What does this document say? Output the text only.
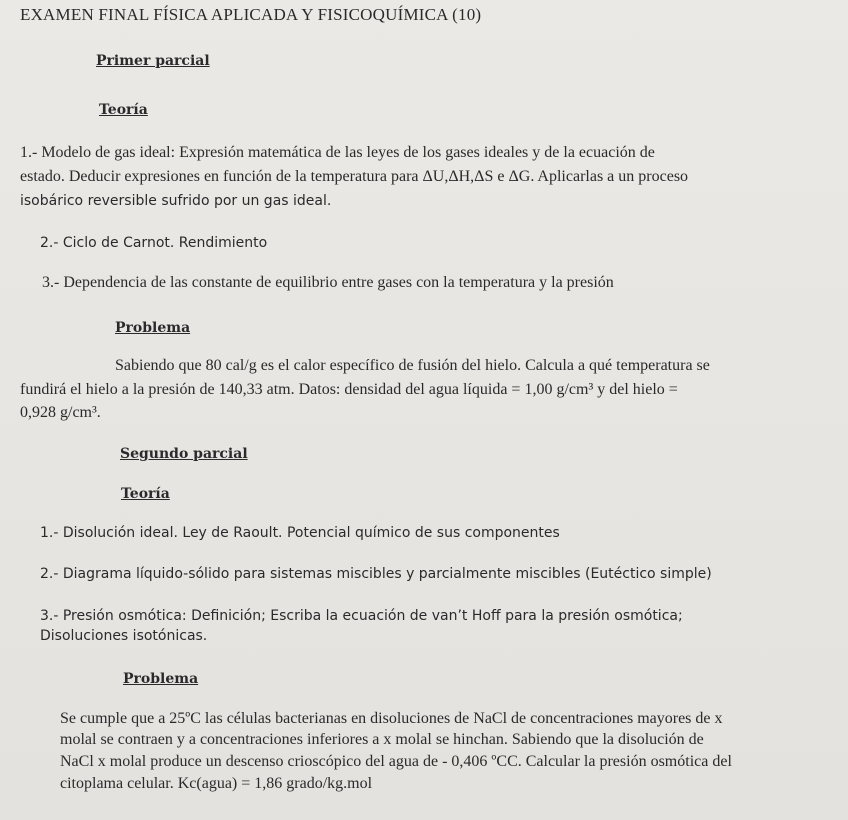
EXAMEN FINAL FÍSICA APLICADA Y FISICOQUÍMICA (10)
Primer parcial
Teoría
1.- Modelo de gas ideal: Expresión matemática de las leyes de los gases ideales y de la ecuación de
estado. Deducir expresiones en función de la temperatura para ΔU,ΔH,ΔS e ΔG. Aplicarlas a un proceso
isobárico reversible sufrido por un gas ideal.
2.- Ciclo de Carnot. Rendimiento
3.- Dependencia de las constante de equilibrio entre gases con la temperatura y la presión
Problema
Sabiendo que 80 cal/g es el calor específico de fusión del hielo. Calcula a qué temperatura se
fundirá el hielo a la presión de 140,33 atm. Datos: densidad del agua líquida = 1,00 g/cm³ y del hielo =
0,928 g/cm³.
Segundo parcial
Teoría
1.- Disolución ideal. Ley de Raoult. Potencial químico de sus componentes
2.- Diagrama líquido-sólido para sistemas miscibles y parcialmente miscibles (Eutéctico simple)
3.- Presión osmótica: Definición; Escriba la ecuación de van’t Hoff para la presión osmótica;
Disoluciones isotónicas.
Problema
Se cumple que a 25ºC las células bacterianas en disoluciones de NaCl de concentraciones mayores de x
molal se contraen y a concentraciones inferiores a x molal se hinchan. Sabiendo que la disolución de
NaCl x molal produce un descenso crioscópico del agua de - 0,406 ºCC. Calcular la presión osmótica del
citoplama celular. Kc(agua) = 1,86 grado/kg.mol
